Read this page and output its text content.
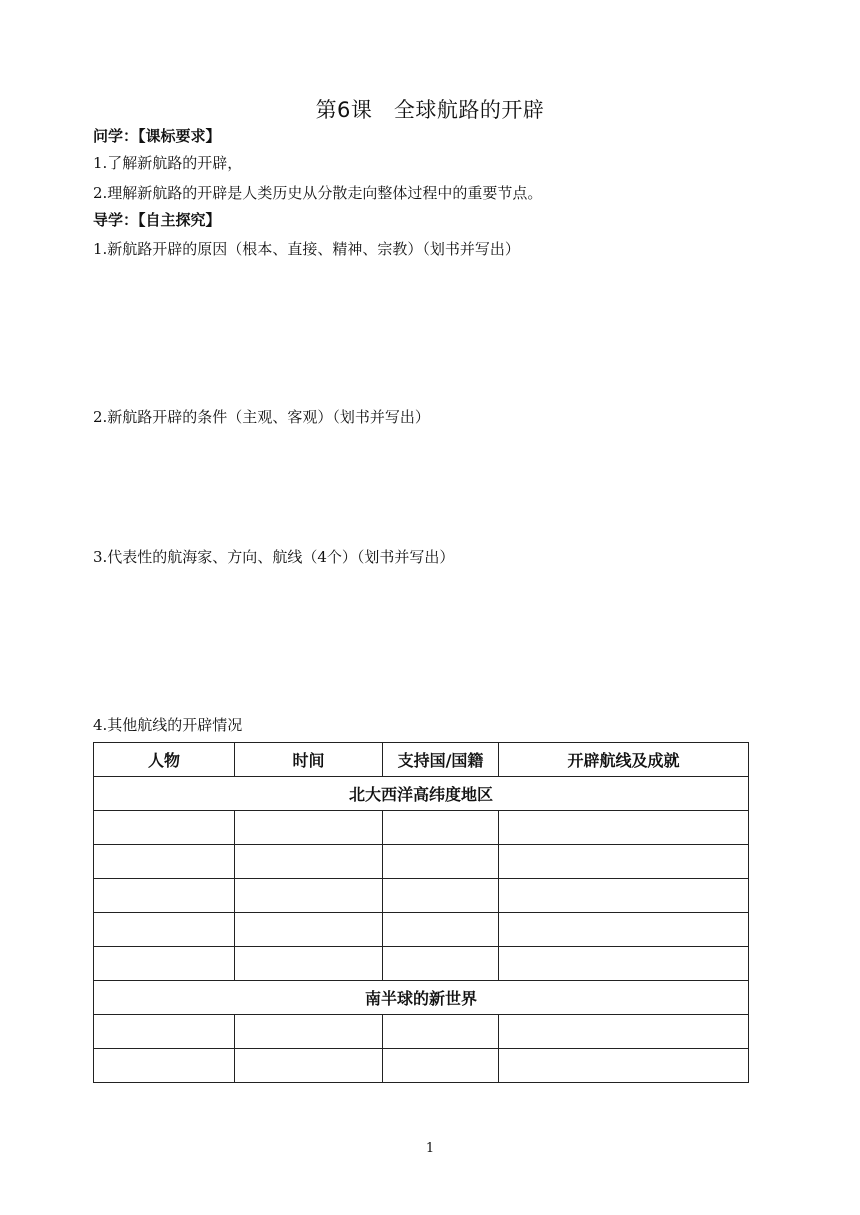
第6课　全球航路的开辟
问学：【课标要求】
1.了解新航路的开辟，
2.理解新航路的开辟是人类历史从分散走向整体过程中的重要节点。
导学：【自主探究】
1.新航路开辟的原因（根本、直接、精神、宗教）（划书并写出）
2.新航路开辟的条件（主观、客观）（划书并写出）
3.代表性的航海家、方向、航线（4个）（划书并写出）
4.其他航线的开辟情况
人物	时间	支持国/国籍	开辟航线及成就
北大西洋高纬度地区			

南半球的新世界			

1
